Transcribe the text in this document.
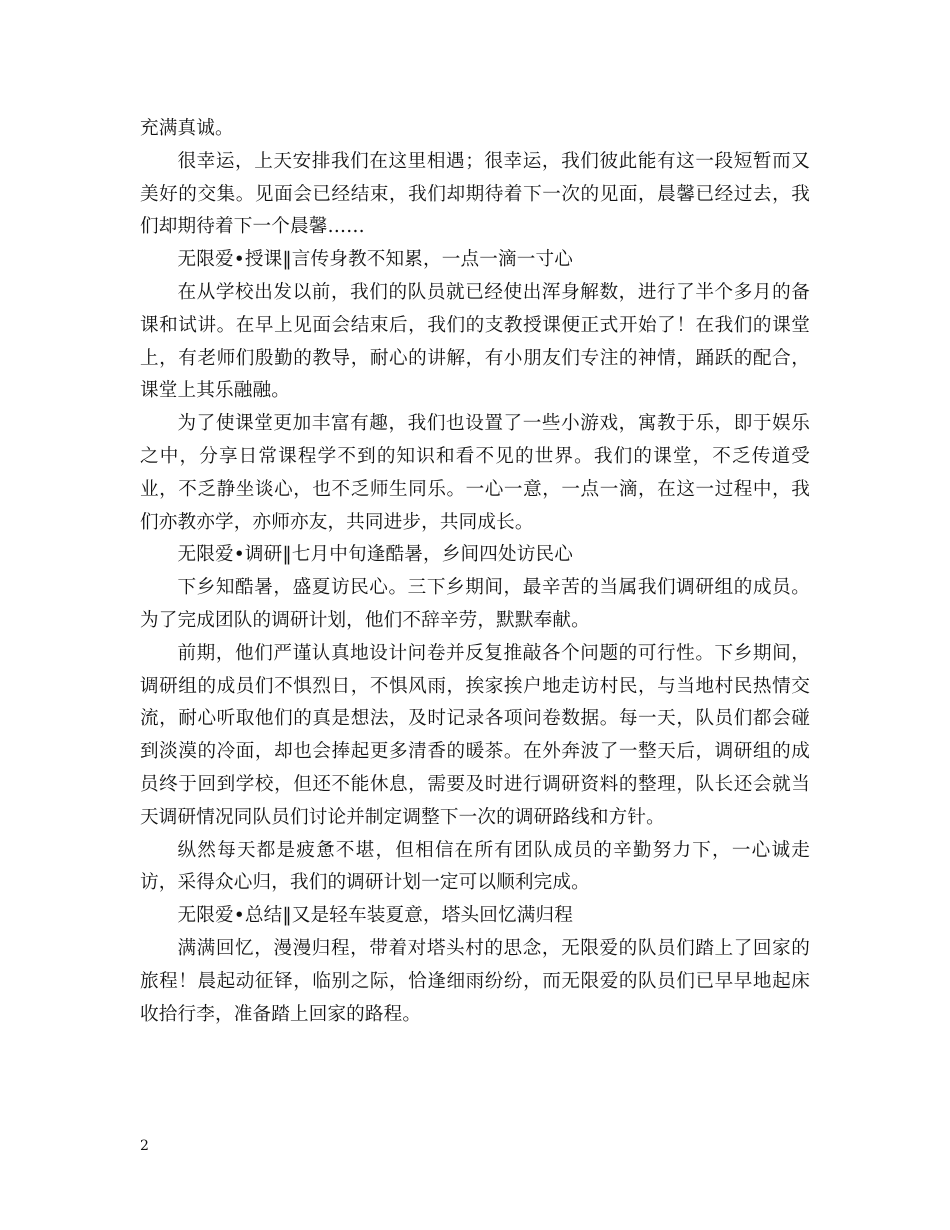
充满真诚。

很幸运，上天安排我们在这里相遇；很幸运，我们彼此能有这一段短暂而又美好的交集。见面会已经结束，我们却期待着下一次的见面，晨馨已经过去，我们却期待着下一个晨馨……

无限爱•授课‖言传身教不知累，一点一滴一寸心

在从学校出发以前，我们的队员就已经使出浑身解数，进行了半个多月的备课和试讲。在早上见面会结束后，我们的支教授课便正式开始了！在我们的课堂上，有老师们殷勤的教导，耐心的讲解，有小朋友们专注的神情，踊跃的配合，课堂上其乐融融。

为了使课堂更加丰富有趣，我们也设置了一些小游戏，寓教于乐，即于娱乐之中，分享日常课程学不到的知识和看不见的世界。我们的课堂，不乏传道受业，不乏静坐谈心，也不乏师生同乐。一心一意，一点一滴，在这一过程中，我们亦教亦学，亦师亦友，共同进步，共同成长。

无限爱•调研‖七月中旬逢酷暑，乡间四处访民心

下乡知酷暑，盛夏访民心。三下乡期间，最辛苦的当属我们调研组的成员。为了完成团队的调研计划，他们不辞辛劳，默默奉献。

前期，他们严谨认真地设计问卷并反复推敲各个问题的可行性。下乡期间，调研组的成员们不惧烈日，不惧风雨，挨家挨户地走访村民，与当地村民热情交流，耐心听取他们的真是想法，及时记录各项问卷数据。每一天，队员们都会碰到淡漠的冷面，却也会捧起更多清香的暖茶。在外奔波了一整天后，调研组的成员终于回到学校，但还不能休息，需要及时进行调研资料的整理，队长还会就当天调研情况同队员们讨论并制定调整下一次的调研路线和方针。

纵然每天都是疲惫不堪，但相信在所有团队成员的辛勤努力下，一心诚走访，采得众心归，我们的调研计划一定可以顺利完成。

无限爱•总结‖又是轻车装夏意，塔头回忆满归程

满满回忆，漫漫归程，带着对塔头村的思念，无限爱的队员们踏上了回家的旅程！晨起动征铎，临别之际，恰逢细雨纷纷，而无限爱的队员们已早早地起床收拾行李，准备踏上回家的路程。

2
